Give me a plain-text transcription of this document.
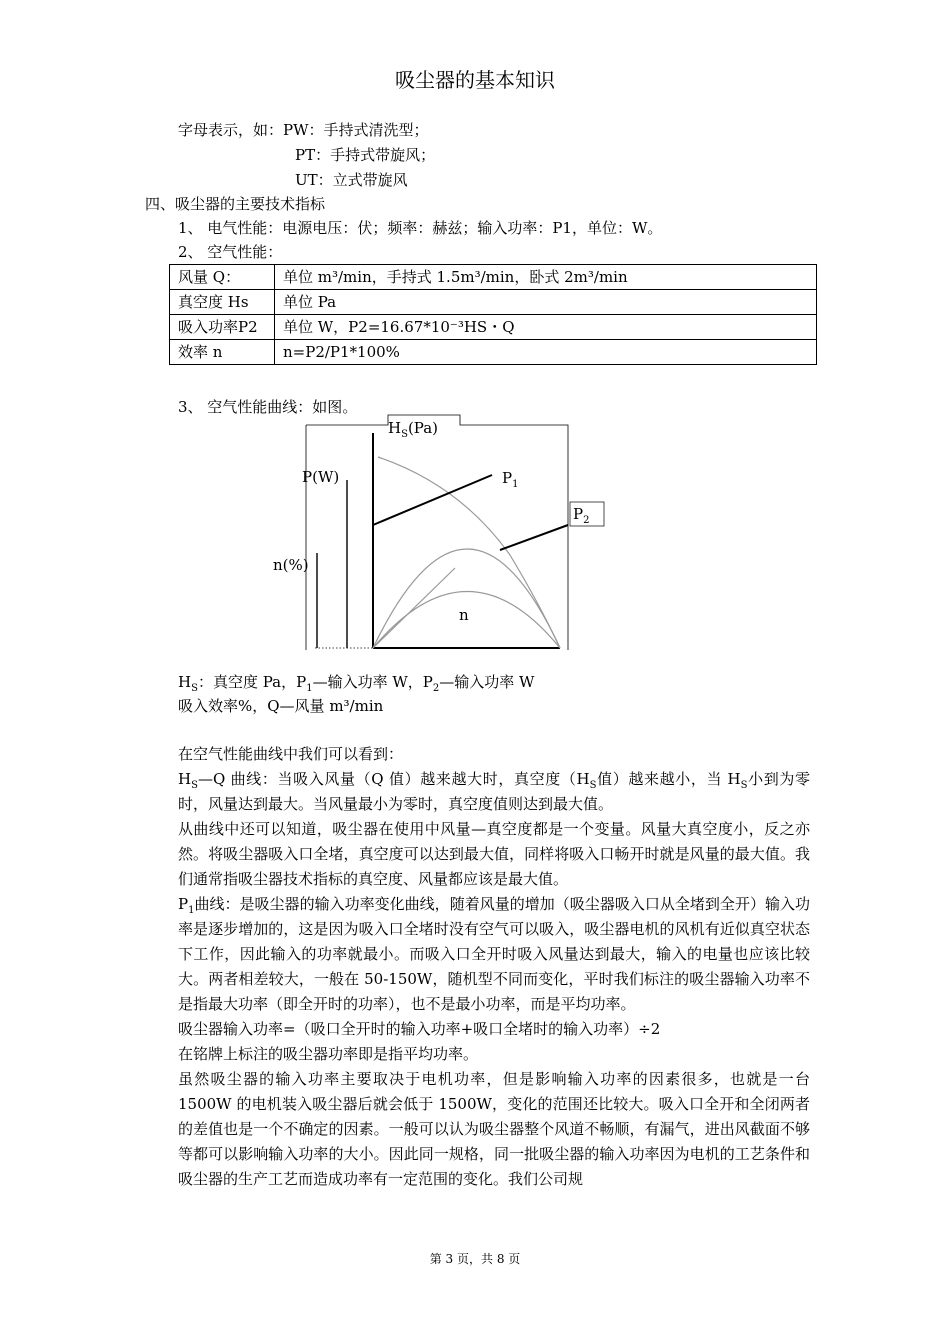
吸尘器的基本知识
字母表示，如：PW：手持式清洗型；
PT：手持式带旋风；
UT：立式带旋风
四、吸尘器的主要技术指标
1、 电气性能：电源电压：伏；频率：赫兹；输入功率：P1，单位：W。
2、 空气性能：
风量 Q：	单位 m³/min，手持式 1.5m³/min，卧式 2m³/min
真空度 Hs	单位 Pa
吸入功率P2	单位 W，P2=16.67*10⁻³HS・Q
效率 n	n=P2/P1*100%
3、 空气性能曲线：如图。
$H_S(Pa)$
P(W)	$P_1$
$P_2$
n(%)
n
$H_S$：真空度 Pa，$P_1—$输入功率 W，$P_2—$输入功率 W
吸入效率%，Q—风量 m³/min

在空气性能曲线中我们可以看到：

$H_S—Q$ 曲线：当吸入风量（Q 值）越来越大时，真空度（$H_S$值）越来越小，当 $H_S$小到为零时，风量达到最大。当风量最小为零时，真空度值则达到最大值。

从曲线中还可以知道，吸尘器在使用中风量—真空度都是一个变量。风量大真空度小，反之亦然。将吸尘器吸入口全堵，真空度可以达到最大值，同样将吸入口畅开时就是风量的最大值。我们通常指吸尘器技术指标的真空度、风量都应该是最大值。

$P_1$曲线：是吸尘器的输入功率变化曲线，随着风量的增加（吸尘器吸入口从全堵到全开）输入功率是逐步增加的，这是因为吸入口全堵时没有空气可以吸入，吸尘器电机的风机有近似真空状态下工作，因此输入的功率就最小。而吸入口全开时吸入风量达到最大，输入的电量也应该比较大。两者相差较大，一般在 50-150W，随机型不同而变化，平时我们标注的吸尘器输入功率不是指最大功率（即全开时的功率），也不是最小功率，而是平均功率。

吸尘器输入功率=（吸口全开时的输入功率+吸口全堵时的输入功率）÷2

在铭牌上标注的吸尘器功率即是指平均功率。

虽然吸尘器的输入功率主要取决于电机功率，但是影响输入功率的因素很多，也就是一台 1500W 的电机装入吸尘器后就会低于 1500W，变化的范围还比较大。吸入口全开和全闭两者的差值也是一个不确定的因素。一般可以认为吸尘器整个风道不畅顺，有漏气，进出风截面不够等都可以影响输入功率的大小。因此同一规格，同一批吸尘器的输入功率因为电机的工艺条件和吸尘器的生产工艺而造成功率有一定范围的变化。我们公司规

第 3 页，共 8 页
